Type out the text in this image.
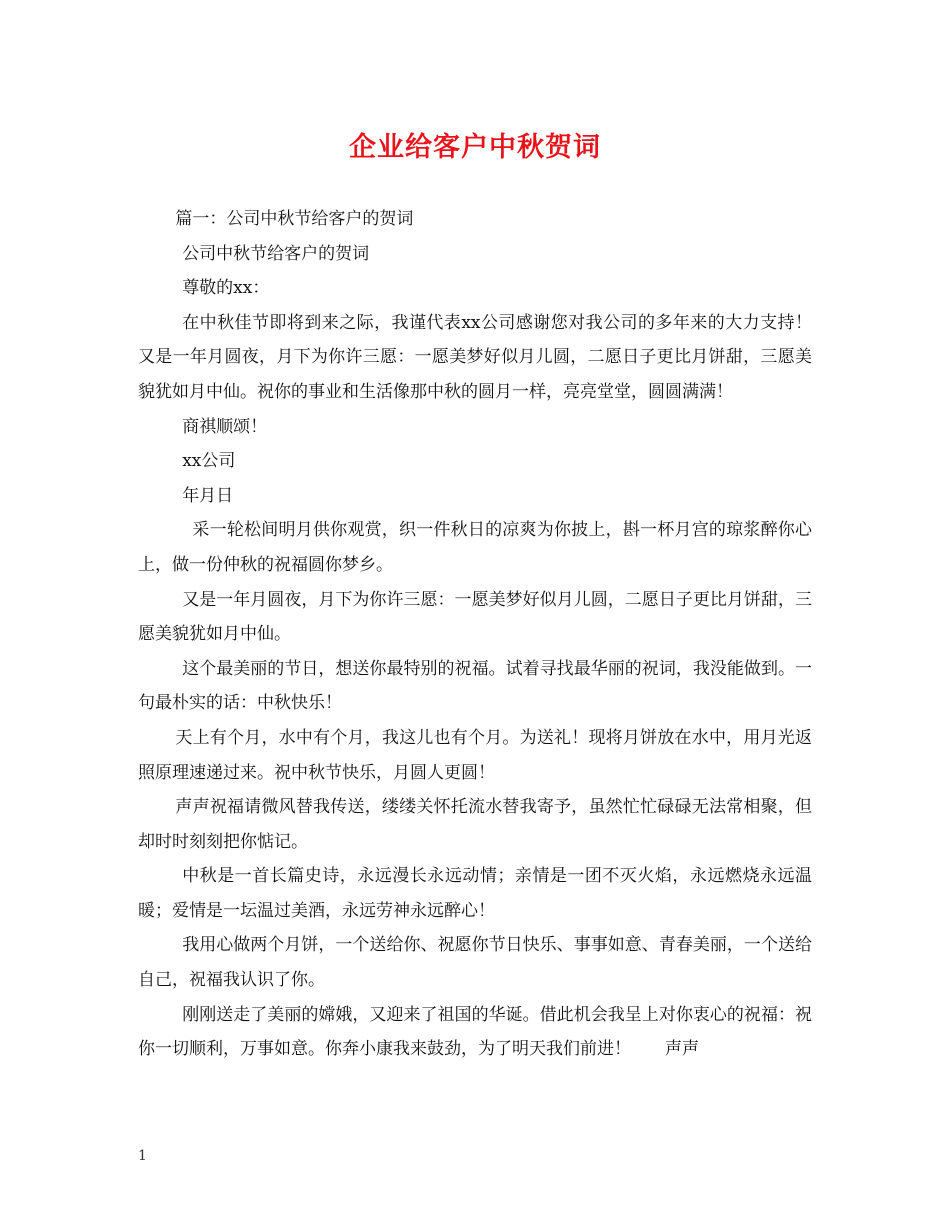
企业给客户中秋贺词

篇一：公司中秋节给客户的贺词

公司中秋节给客户的贺词

尊敬的xx：

在中秋佳节即将到来之际，我谨代表xx公司感谢您对我公司的多年来的大力支持！又是一年月圆夜，月下为你许三愿：一愿美梦好似月儿圆，二愿日子更比月饼甜，三愿美貌犹如月中仙。祝你的事业和生活像那中秋的圆月一样，亮亮堂堂，圆圆满满！

商祺顺颂！

xx公司

年月日

采一轮松间明月供你观赏，织一件秋日的凉爽为你披上，斟一杯月宫的琼浆醉你心上，做一份仲秋的祝福圆你梦乡。

又是一年月圆夜，月下为你许三愿：一愿美梦好似月儿圆，二愿日子更比月饼甜，三愿美貌犹如月中仙。

这个最美丽的节日，想送你最特别的祝福。试着寻找最华丽的祝词，我没能做到。一句最朴实的话：中秋快乐！

天上有个月，水中有个月，我这儿也有个月。为送礼！现将月饼放在水中，用月光返照原理速递过来。祝中秋节快乐，月圆人更圆！

声声祝福请微风替我传送，缕缕关怀托流水替我寄予，虽然忙忙碌碌无法常相聚，但却时时刻刻把你惦记。

中秋是一首长篇史诗，永远漫长永远动情；亲情是一团不灭火焰，永远燃烧永远温暖；爱情是一坛温过美酒，永远劳神永远醉心！

我用心做两个月饼，一个送给你、祝愿你节日快乐、事事如意、青春美丽，一个送给自己，祝福我认识了你。

刚刚送走了美丽的嫦娥，又迎来了祖国的华诞。借此机会我呈上对你衷心的祝福：祝你一切顺利，万事如意。你奔小康我来鼓劲，为了明天我们前进！　　声声

1
